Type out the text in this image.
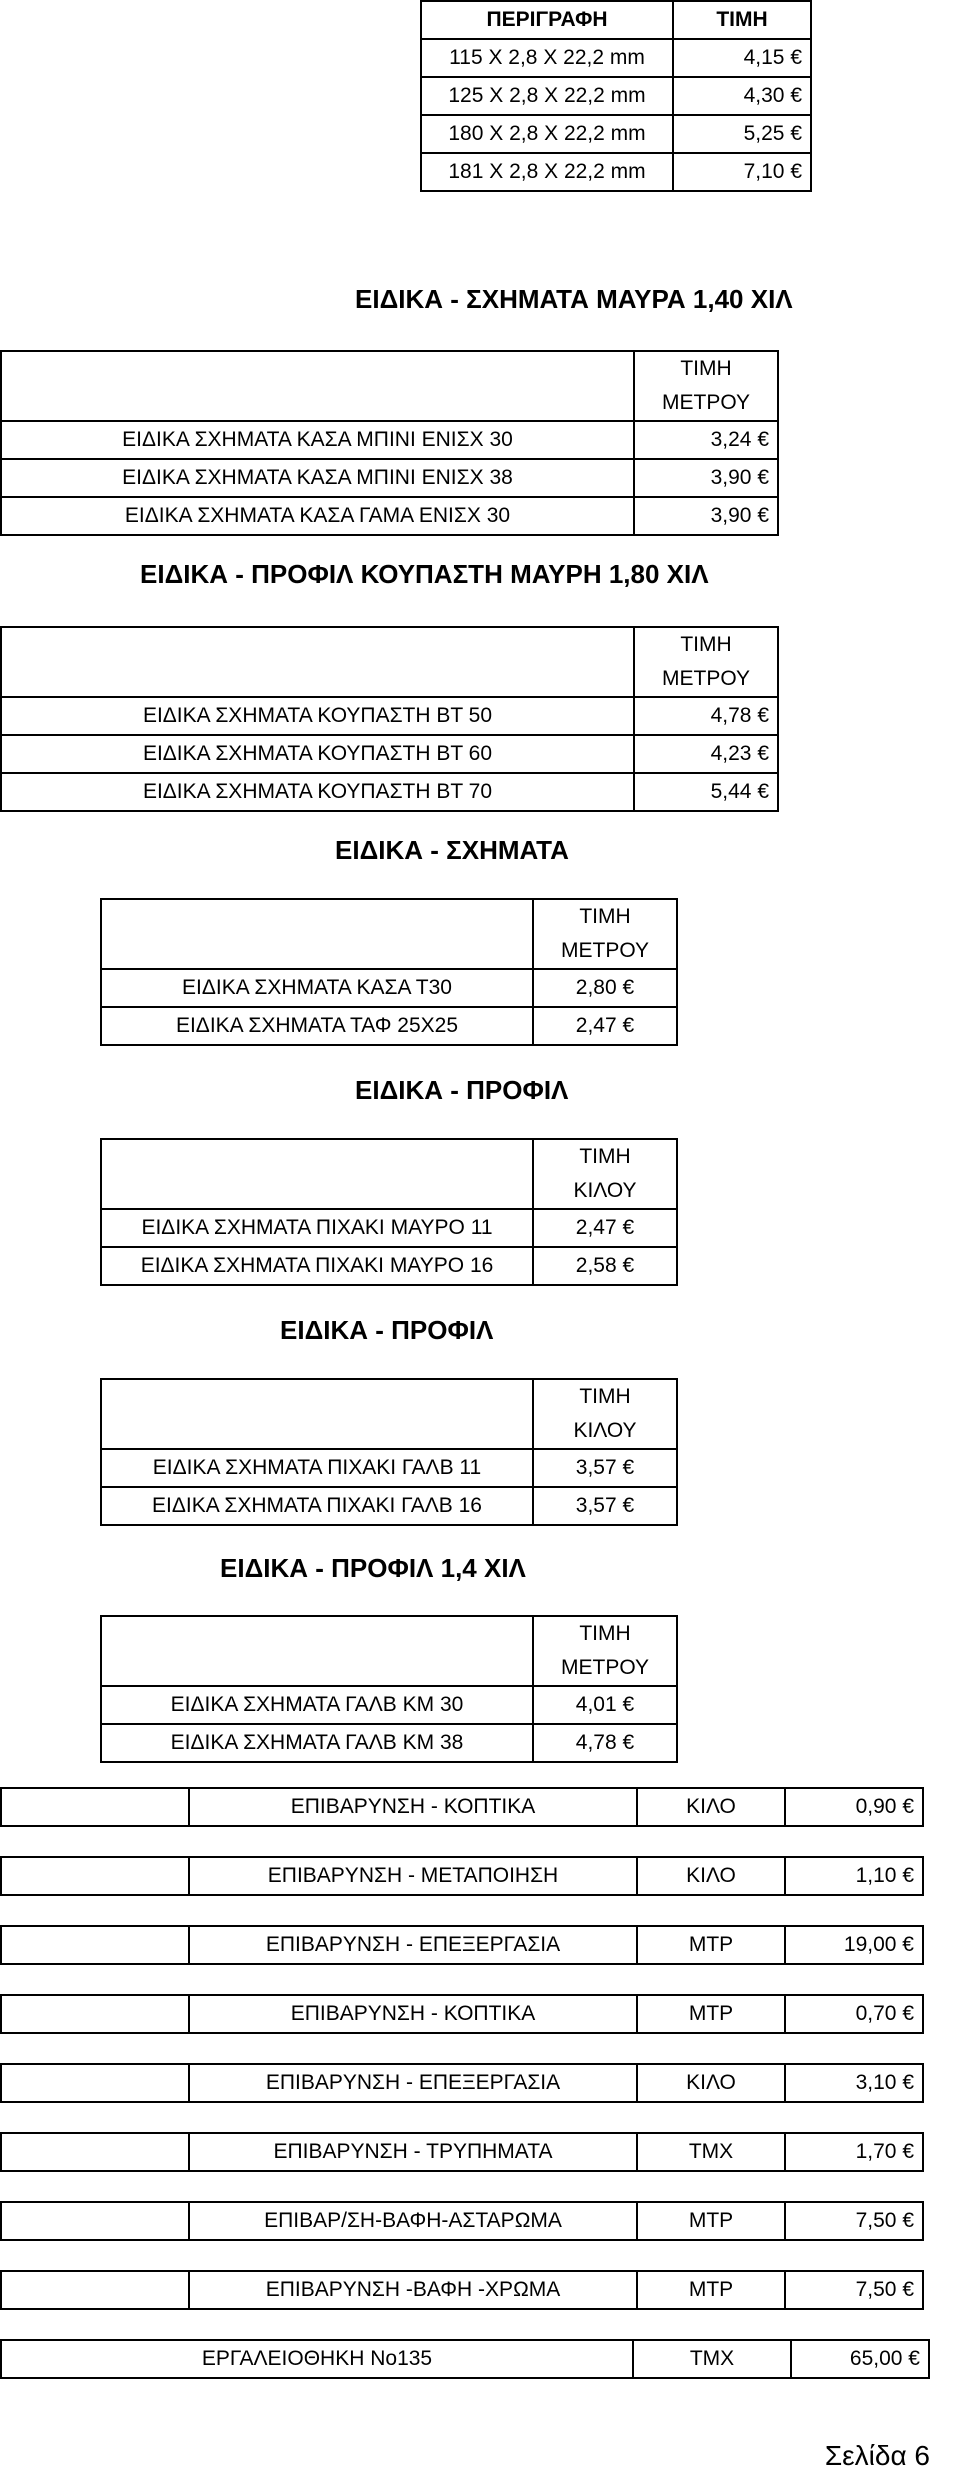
ΠΕΡΙΓΡΑΦΗ	ΤΙΜΗ
115 Χ 2,8 Χ 22,2 mm	4,15 €
125 Χ 2,8 Χ 22,2 mm	4,30 €
180 Χ 2,8 Χ 22,2 mm	5,25 €
181 Χ 2,8 Χ 22,2 mm	7,10 €
ΕΙΔΙΚΑ - ΣΧΗΜΑΤΑ ΜΑΥΡΑ 1,40 ΧΙΛ

	ΤΙΜΗ
ΜΕΤΡΟΥ

ΕΙΔΙΚΑ ΣΧΗΜΑΤΑ ΚΑΣΑ ΜΠΙΝΙ ΕΝΙΣΧ 30	3,24 €
ΕΙΔΙΚΑ ΣΧΗΜΑΤΑ ΚΑΣΑ ΜΠΙΝΙ ΕΝΙΣΧ 38	3,90 €
ΕΙΔΙΚΑ ΣΧΗΜΑΤΑ ΚΑΣΑ ΓΑΜΑ ΕΝΙΣΧ 30	3,90 €
ΕΙΔΙΚΑ - ΠΡΟΦΙΛ ΚΟΥΠΑΣΤΗ ΜΑΥΡΗ 1,80 ΧΙΛ

	ΤΙΜΗ
ΜΕΤΡΟΥ

ΕΙΔΙΚΑ ΣΧΗΜΑΤΑ ΚΟΥΠΑΣΤΗ ΒΤ 50	4,78 €
ΕΙΔΙΚΑ ΣΧΗΜΑΤΑ ΚΟΥΠΑΣΤΗ ΒΤ 60	4,23 €
ΕΙΔΙΚΑ ΣΧΗΜΑΤΑ ΚΟΥΠΑΣΤΗ ΒΤ 70	5,44 €
ΕΙΔΙΚΑ - ΣΧΗΜΑΤΑ

	ΤΙΜΗ
ΜΕΤΡΟΥ

ΕΙΔΙΚΑ ΣΧΗΜΑΤΑ ΚΑΣΑ Τ30	2,80 €
ΕΙΔΙΚΑ ΣΧΗΜΑΤΑ ΤΑΦ 25Χ25	2,47 €
ΕΙΔΙΚΑ - ΠΡΟΦΙΛ

	ΤΙΜΗ
ΚΙΛΟΥ

ΕΙΔΙΚΑ ΣΧΗΜΑΤΑ ΠΙΧΑΚΙ ΜΑΥΡΟ 11	2,47 €
ΕΙΔΙΚΑ ΣΧΗΜΑΤΑ ΠΙΧΑΚΙ ΜΑΥΡΟ 16	2,58 €
ΕΙΔΙΚΑ - ΠΡΟΦΙΛ

	ΤΙΜΗ
ΚΙΛΟΥ

ΕΙΔΙΚΑ ΣΧΗΜΑΤΑ ΠΙΧΑΚΙ ΓΑΛΒ 11	3,57 €
ΕΙΔΙΚΑ ΣΧΗΜΑΤΑ ΠΙΧΑΚΙ ΓΑΛΒ 16	3,57 €
ΕΙΔΙΚΑ - ΠΡΟΦΙΛ 1,4 ΧΙΛ

	ΤΙΜΗ
ΜΕΤΡΟΥ

ΕΙΔΙΚΑ ΣΧΗΜΑΤΑ ΓΑΛΒ ΚΜ 30	4,01 €
ΕΙΔΙΚΑ ΣΧΗΜΑΤΑ ΓΑΛΒ ΚΜ 38	4,78 €
	ΕΠΙΒΑΡΥΝΣΗ - ΚΟΠΤΙΚΑ	ΚΙΛΟ	0,90 €
	ΕΠΙΒΑΡΥΝΣΗ - ΜΕΤΑΠΟΙΗΣΗ	ΚΙΛΟ	1,10 €
	ΕΠΙΒΑΡΥΝΣΗ - ΕΠΕΞΕΡΓΑΣΙΑ	ΜΤΡ	19,00 €
	ΕΠΙΒΑΡΥΝΣΗ - ΚΟΠΤΙΚΑ	ΜΤΡ	0,70 €
	ΕΠΙΒΑΡΥΝΣΗ - ΕΠΕΞΕΡΓΑΣΙΑ	ΚΙΛΟ	3,10 €
	ΕΠΙΒΑΡΥΝΣΗ - ΤΡΥΠΗΜΑΤΑ	ΤΜΧ	1,70 €
	ΕΠΙΒΑΡ/ΣΗ-ΒΑΦΗ-ΑΣΤΑΡΩΜΑ	ΜΤΡ	7,50 €
	ΕΠΙΒΑΡΥΝΣΗ -ΒΑΦΗ -ΧΡΩΜΑ	ΜΤΡ	7,50 €
ΕΡΓΑΛΕΙΟΘΗΚΗ Νο135	ΤΜΧ	65,00 €
Σελίδα 6
